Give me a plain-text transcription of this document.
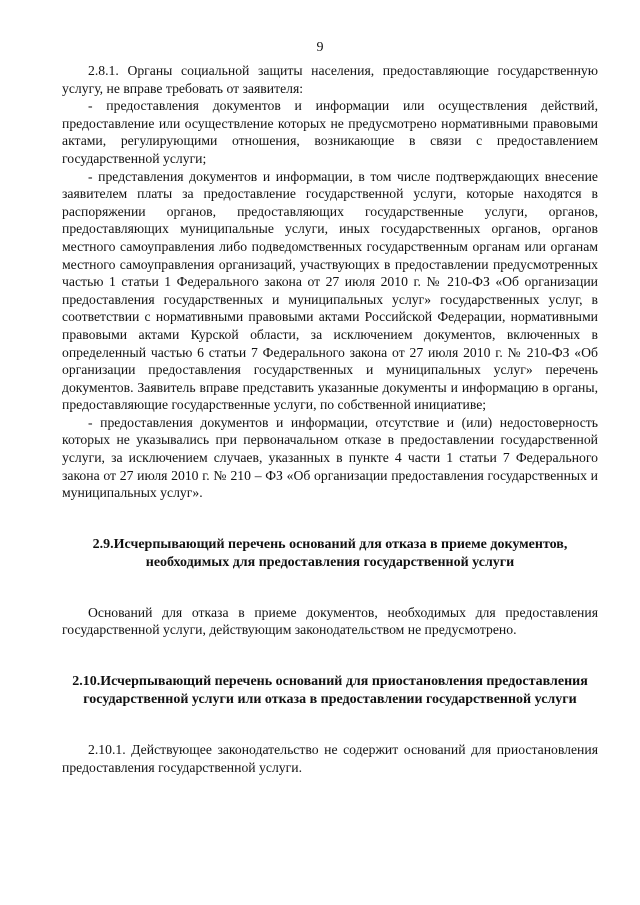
9

2.8.1. Органы социальной защиты населения, предоставляющие государственную услугу, не вправе требовать от заявителя:

- предоставления документов и информации или осуществления действий, предоставление или осуществление которых не предусмотрено нормативными правовыми актами, регулирующими отношения, возникающие в связи с предоставлением государственной услуги;

- представления документов и информации, в том числе подтверждающих внесение заявителем платы за предоставление государственной услуги, которые находятся в распоряжении органов, предоставляющих государственные услуги, органов, предоставляющих муниципальные услуги, иных государственных органов, органов местного самоуправления либо подведомственных государственным органам или органам местного самоуправления организаций, участвующих в предоставлении предусмотренных частью 1 статьи 1 Федерального закона от 27 июля 2010 г. № 210-ФЗ «Об организации предоставления государственных и муниципальных услуг» государственных услуг, в соответствии с нормативными правовыми актами Российской Федерации, нормативными правовыми актами Курской области, за исключением документов, включенных в определенный частью 6 статьи 7 Федерального закона от 27 июля 2010 г. № 210-ФЗ «Об организации предоставления государственных и муниципальных услуг» перечень документов. Заявитель вправе представить указанные документы и информацию в органы, предоставляющие государственные услуги, по собственной инициативе;

- предоставления документов и информации, отсутствие и (или) недостоверность которых не указывались при первоначальном отказе в предоставлении государственной услуги, за исключением случаев, указанных в пункте 4 части 1 статьи 7 Федерального закона от 27 июля 2010 г. № 210 – ФЗ «Об организации предоставления государственных и муниципальных услуг».

2.9.Исчерпывающий перечень оснований для отказа в приеме документов, необходимых для предоставления государственной услуги

Оснований для отказа в приеме документов, необходимых для предоставления государственной услуги, действующим законодательством не предусмотрено.

2.10.Исчерпывающий перечень оснований для приостановления предоставления государственной услуги или отказа в предоставлении государственной услуги

2.10.1. Действующее законодательство не содержит оснований для приостановления предоставления государственной услуги.
